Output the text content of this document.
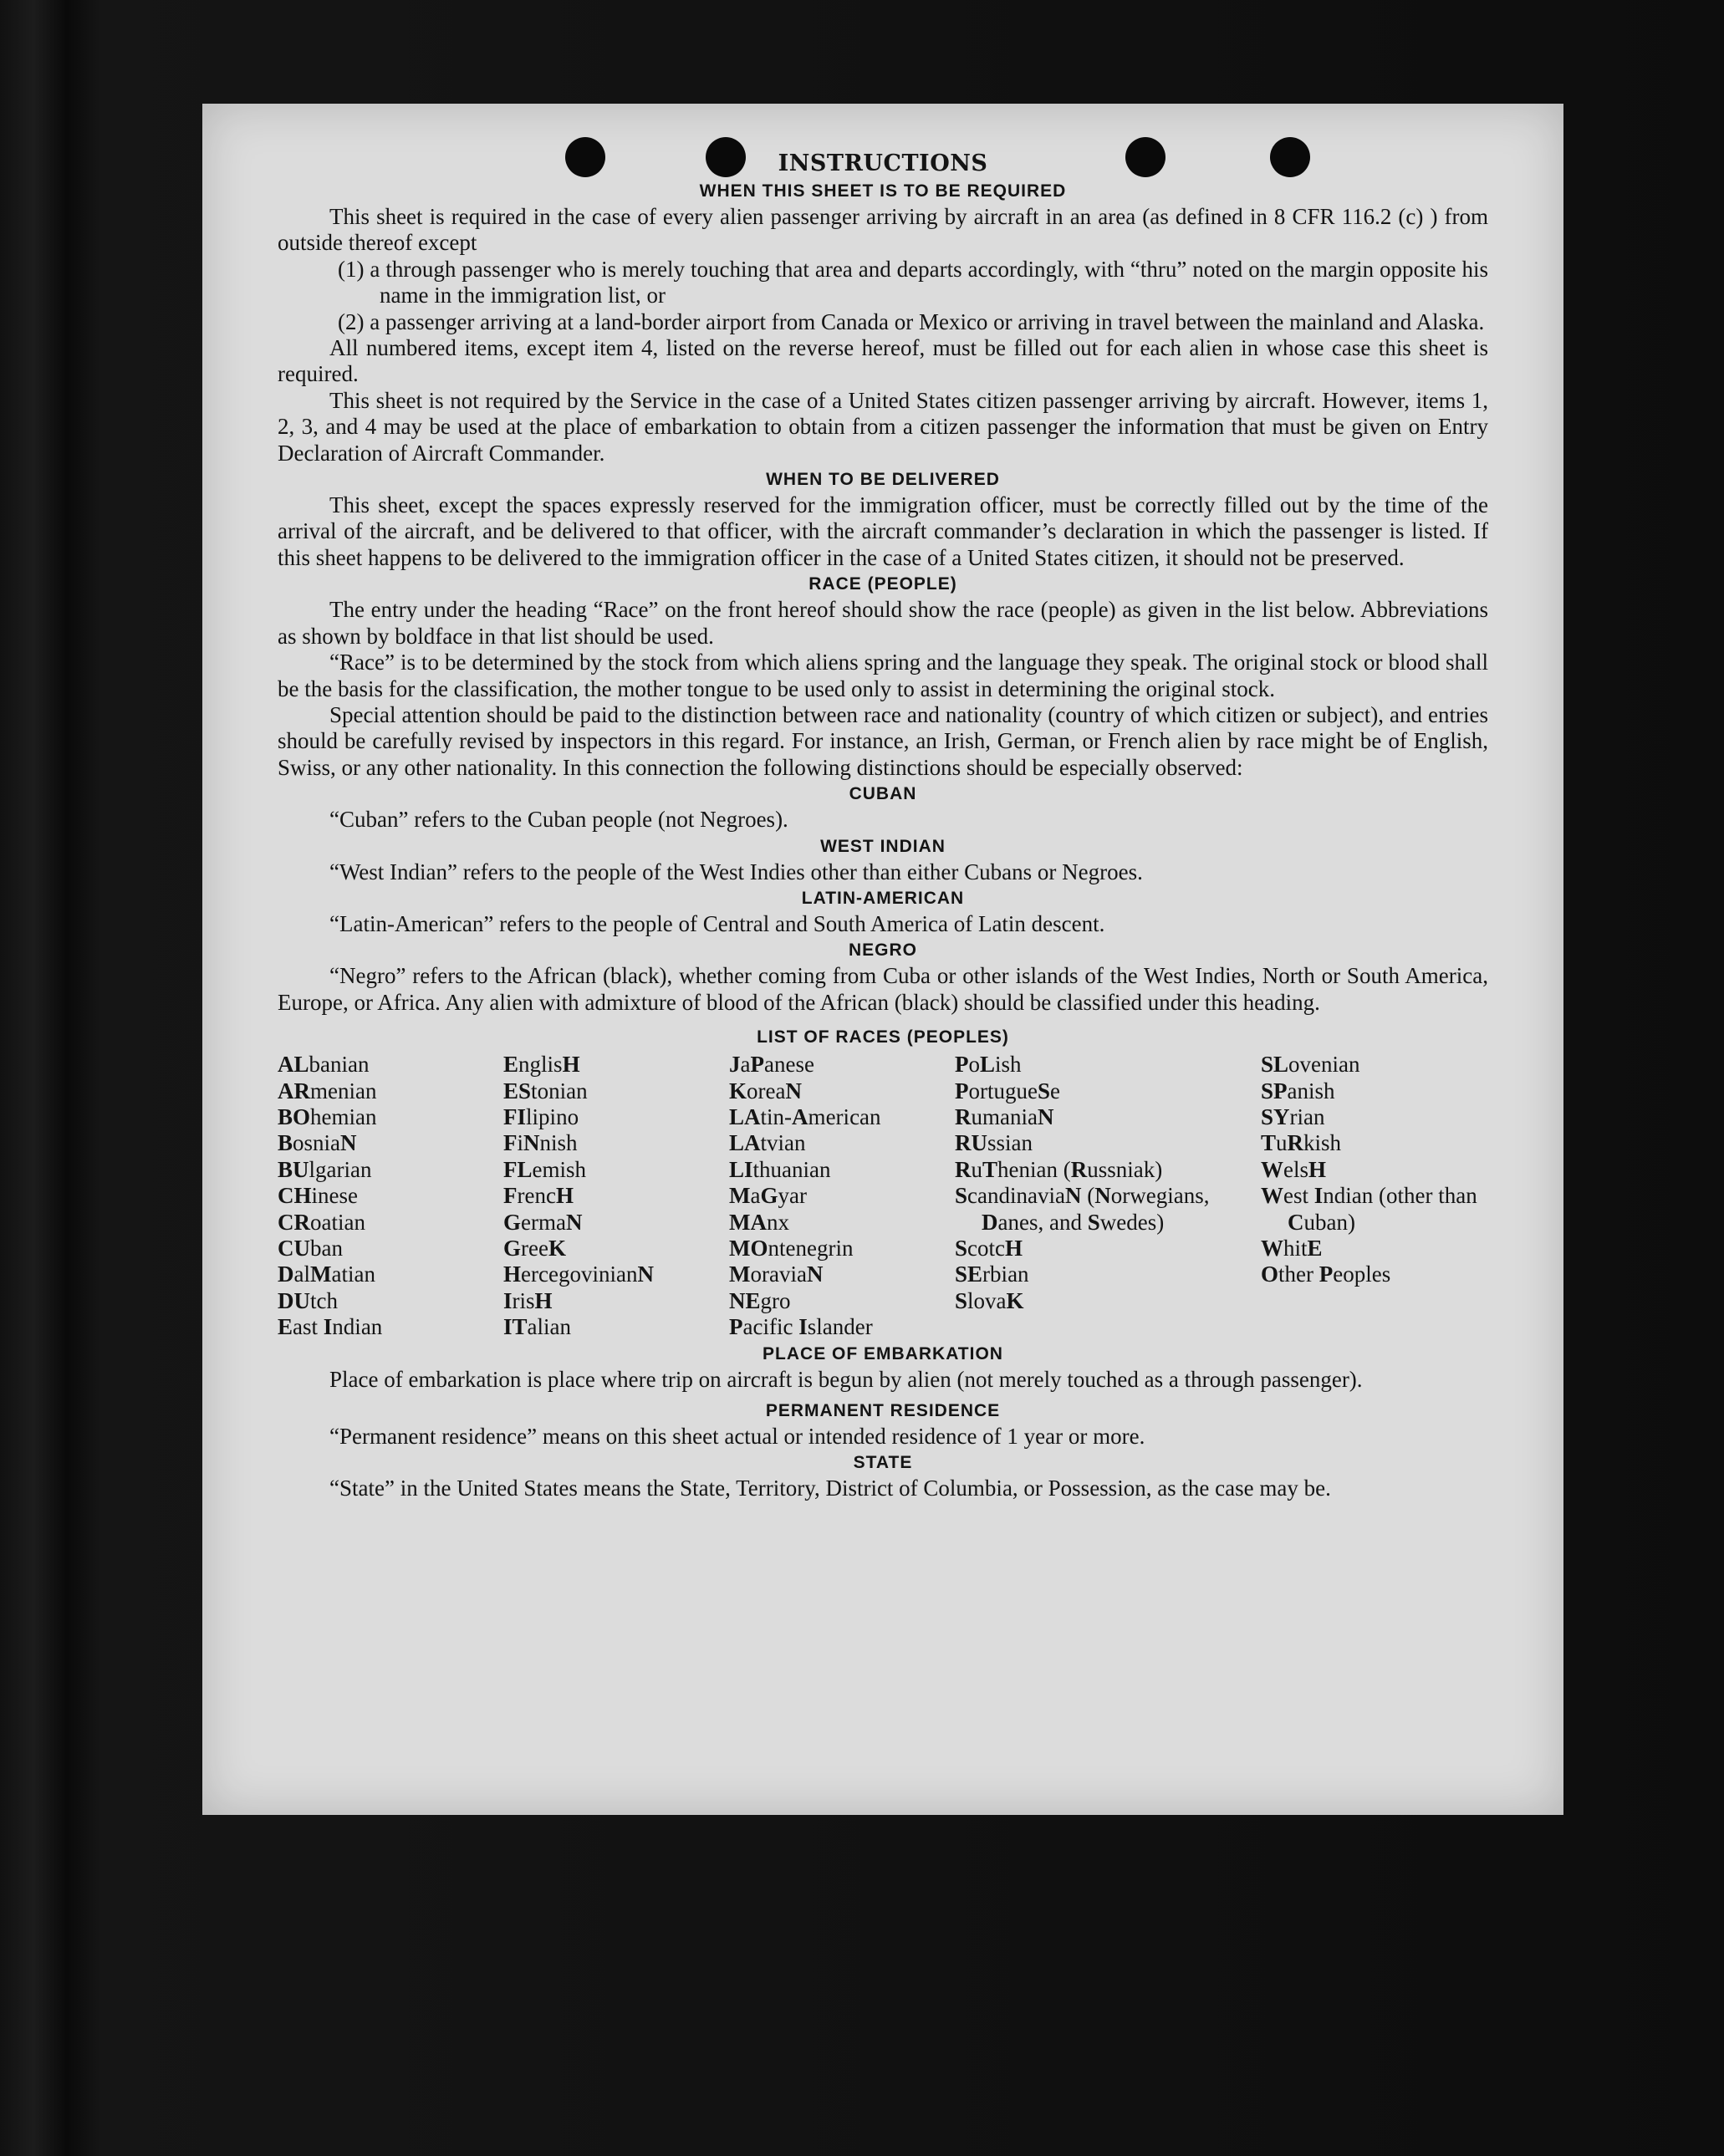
INSTRUCTIONS
WHEN THIS SHEET IS TO BE REQUIRED

This sheet is required in the case of every alien passenger arriving by aircraft in an area (as defined in 8 CFR 116.2 (c) ) from outside thereof except

(1) a through passenger who is merely touching that area and departs accordingly, with “thru” noted on the margin opposite his name in the immigration list, or

(2) a passenger arriving at a land-border airport from Canada or Mexico or arriving in travel between the mainland and Alaska.

All numbered items, except item 4, listed on the reverse hereof, must be filled out for each alien in whose case this sheet is required.

This sheet is not required by the Service in the case of a United States citizen passenger arriving by aircraft. However, items 1, 2, 3, and 4 may be used at the place of embarkation to obtain from a citizen passenger the information that must be given on Entry Declaration of Aircraft Commander.

WHEN TO BE DELIVERED

This sheet, except the spaces expressly reserved for the immigration officer, must be correctly filled out by the time of the arrival of the aircraft, and be delivered to that officer, with the aircraft commander’s declaration in which the passenger is listed. If this sheet happens to be delivered to the immigration officer in the case of a United States citizen, it should not be preserved.

RACE (PEOPLE)

The entry under the heading “Race” on the front hereof should show the race (people) as given in the list below. Abbreviations as shown by boldface in that list should be used.

“Race” is to be determined by the stock from which aliens spring and the language they speak. The original stock or blood shall be the basis for the classification, the mother tongue to be used only to assist in determining the original stock.

Special attention should be paid to the distinction between race and nationality (country of which citizen or subject), and entries should be carefully revised by inspectors in this regard. For instance, an Irish, German, or French alien by race might be of English, Swiss, or any other nationality. In this connection the following distinctions should be especially observed:

CUBAN

“Cuban” refers to the Cuban people (not Negroes).

WEST INDIAN

“West Indian” refers to the people of the West Indies other than either Cubans or Negroes.

LATIN-AMERICAN

“Latin-American” refers to the people of Central and South America of Latin descent.

NEGRO

“Negro” refers to the African (black), whether coming from Cuba or other islands of the West Indies, North or South America, Europe, or Africa. Any alien with admixture of blood of the African (black) should be classified under this heading.

LIST OF RACES (PEOPLES)
ALbanian
ARmenian
BOhemian
BosniaN
BUlgarian
CHinese
CRoatian
CUban
DalMatian
DUtch
East Indian
EnglisH
EStonian
FIlipino
FiNnish
FLemish
FrencH
GermaN
GreeK
HercegovinianN
IrisH
ITalian
JaPanese
KoreaN
LAtin-American
LAtvian
LIthuanian
MaGyar
MAnx
MOntenegrin
MoraviaN
NEgro
Pacific Islander
PoLish
PortugueSe
RumaniaN
RUssian
RuThenian (Russniak)
ScandinaviaN (Norwegians, Danes, and Swedes)
ScotcH
SErbian
SlovaK
SLovenian
SPanish
SYrian
TuRkish
WelsH
West Indian (other than Cuban)
WhitE
Other Peoples
PLACE OF EMBARKATION

Place of embarkation is place where trip on aircraft is begun by alien (not merely touched as a through passenger).

PERMANENT RESIDENCE

“Permanent residence” means on this sheet actual or intended residence of 1 year or more.

STATE

“State” in the United States means the State, Territory, District of Columbia, or Possession, as the case may be.
